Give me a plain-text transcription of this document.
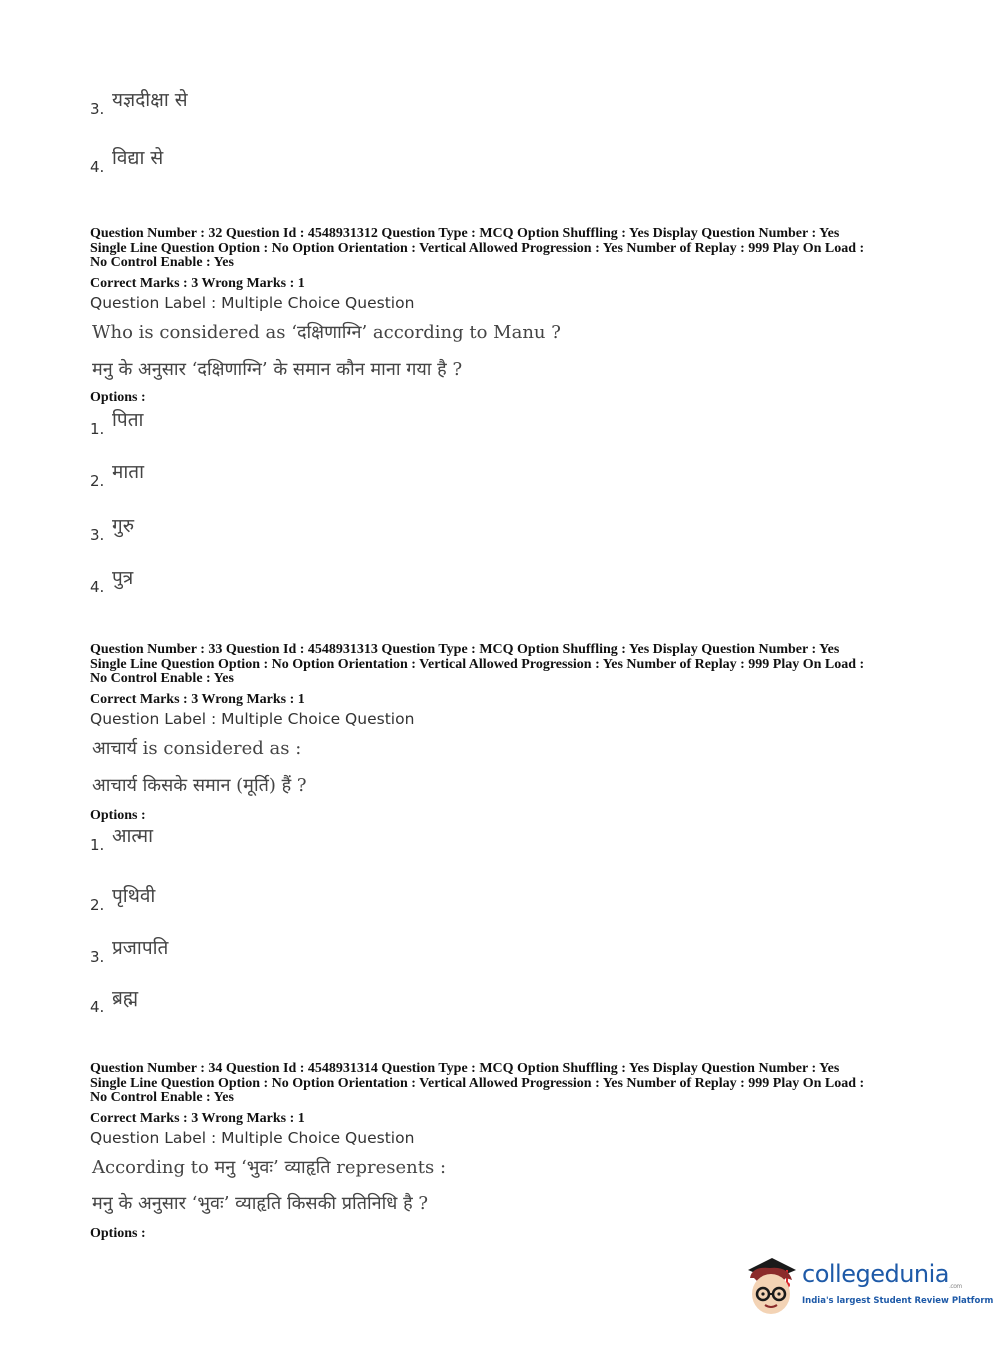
3. यज्ञदीक्षा से
4. विद्या से
Question Number : 32 Question Id : 4548931312 Question Type : MCQ Option Shuffling : Yes Display Question Number : Yes
Single Line Question Option : No Option Orientation : Vertical Allowed Progression : Yes Number of Replay : 999 Play On Load :
No Control Enable : Yes
Correct Marks : 3 Wrong Marks : 1
Question Label : Multiple Choice Question
Who is considered as ‘दक्षिणाग्नि’ according to Manu ?
मनु के अनुसार ‘दक्षिणाग्नि’ के समान कौन माना गया है ?
Options :
1. पिता
2. माता
3. गुरु
4. पुत्र
Question Number : 33 Question Id : 4548931313 Question Type : MCQ Option Shuffling : Yes Display Question Number : Yes
Single Line Question Option : No Option Orientation : Vertical Allowed Progression : Yes Number of Replay : 999 Play On Load :
No Control Enable : Yes
Correct Marks : 3 Wrong Marks : 1
Question Label : Multiple Choice Question
आचार्य is considered as :
आचार्य किसके समान (मूर्ति) हैं ?
Options :
1. आत्मा
2. पृथिवी
3. प्रजापति
4. ब्रह्म
Question Number : 34 Question Id : 4548931314 Question Type : MCQ Option Shuffling : Yes Display Question Number : Yes
Single Line Question Option : No Option Orientation : Vertical Allowed Progression : Yes Number of Replay : 999 Play On Load :
No Control Enable : Yes
Correct Marks : 3 Wrong Marks : 1
Question Label : Multiple Choice Question
According to मनु ‘भुवः’ व्याहृति represents :
मनु के अनुसार ‘भुवः’ व्याहृति किसकी प्रतिनिधि है ?
Options :
collegedunia$_{.com}$
India's largest Student Review Platform
